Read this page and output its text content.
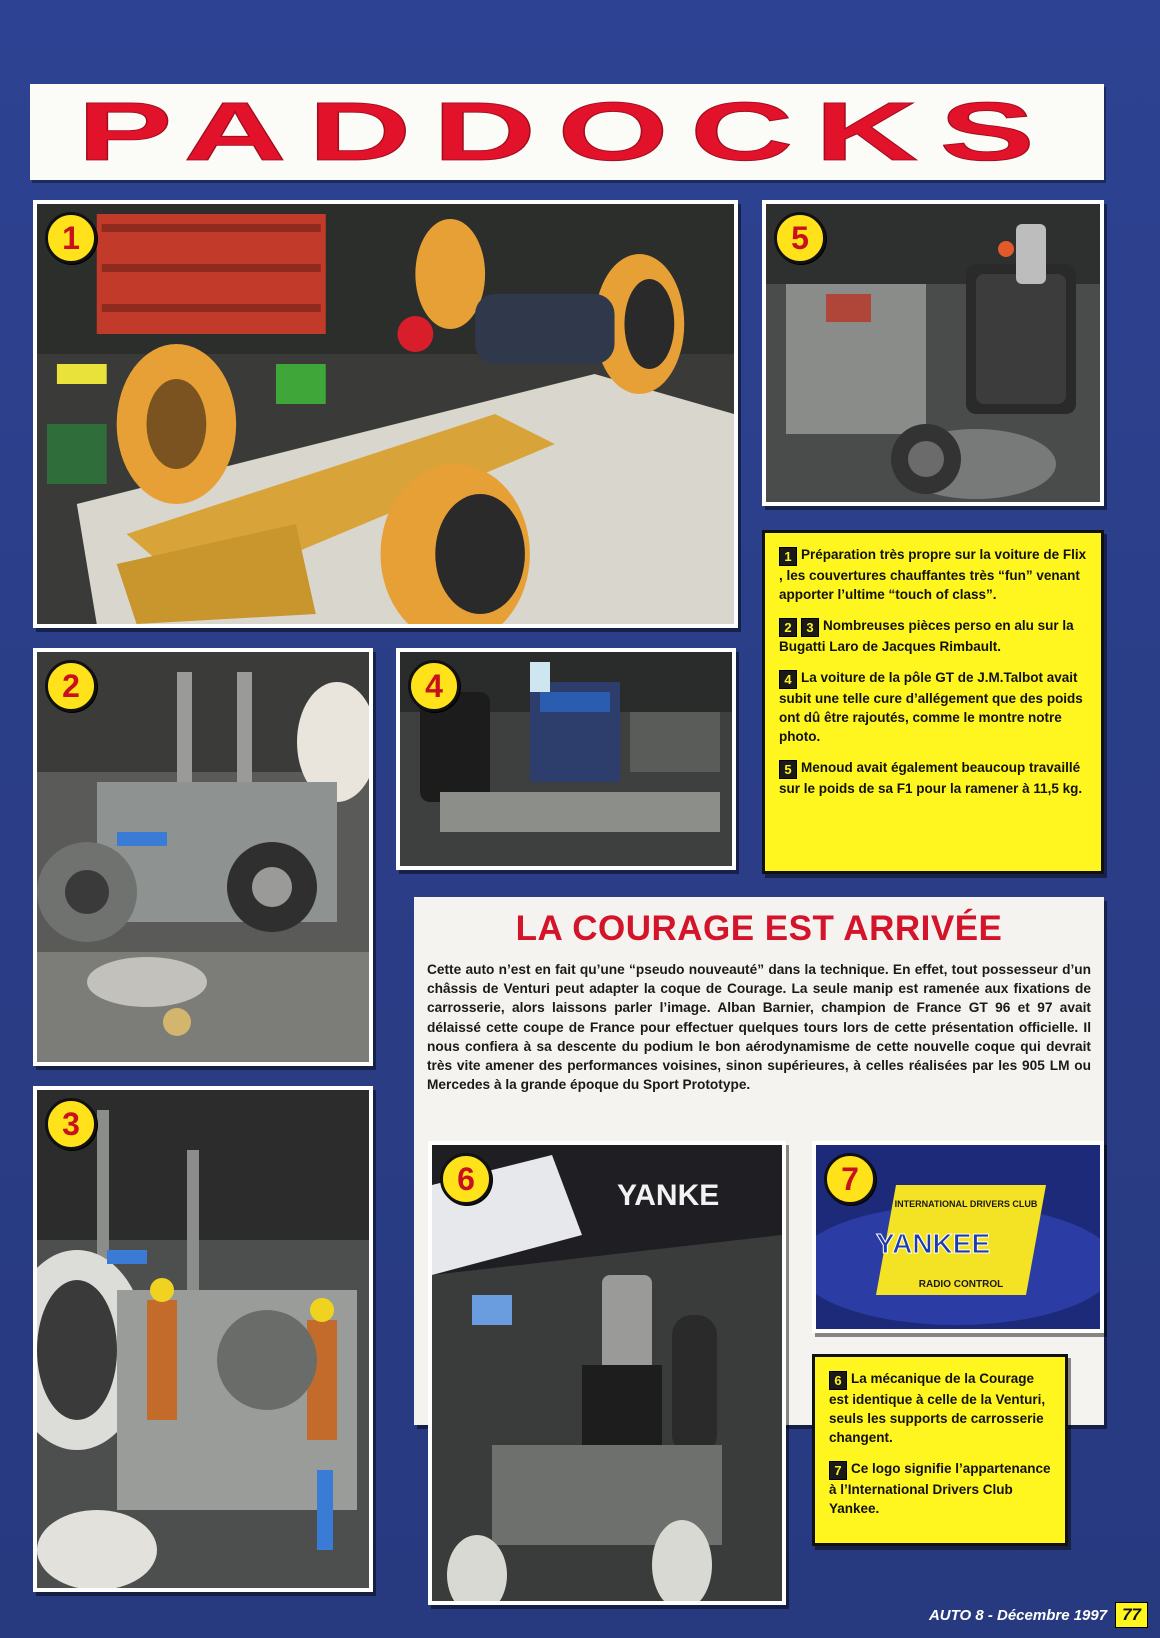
PADDOCKS
1	5
1 Préparation très propre sur la voiture de Flix , les couvertures chauffantes très “fun” venant apporter l’ultime “touch of class”.
2 3 Nombreuses pièces perso en alu sur la Bugatti Laro de Jacques Rimbault.
4 La voiture de la pôle GT de J.M.Talbot avait subit une telle cure d’allégement que des poids ont dû être rajoutés, comme le montre notre photo.
5 Menoud avait également beaucoup travaillé sur le poids de sa F1 pour la ramener à 11,5 kg.
2	4
3
LA COURAGE EST ARRIVÉE
Cette auto n’est en fait qu’une “pseudo nouveauté” dans la technique. En effet, tout possesseur d’un châssis de Venturi peut adapter la coque de Courage. La seule manip est ramenée aux fixations de carrosserie, alors laissons parler l’image. Alban Barnier, champion de France GT 96 et 97 avait délaissé cette coupe de France pour effectuer quelques tours lors de cette présentation officielle. Il nous confiera à sa descente du podium le bon aérodynamisme de cette nouvelle coque qui devrait très vite amener des performances voisines, sinon supérieures, à celles réalisées par les 905 LM ou Mercedes à la grande époque du Sport Prototype.
YANKE
6
INTERNATIONAL DRIVERS CLUB
YANKEE
RADIO CONTROL
7
6 La mécanique de la Courage est identique à celle de la Venturi, seuls les supports de carrosserie changent.
7 Ce logo signifie l’appartenance à l’International Drivers Club Yankee.
AUTO 8 - Décembre 1997 77
